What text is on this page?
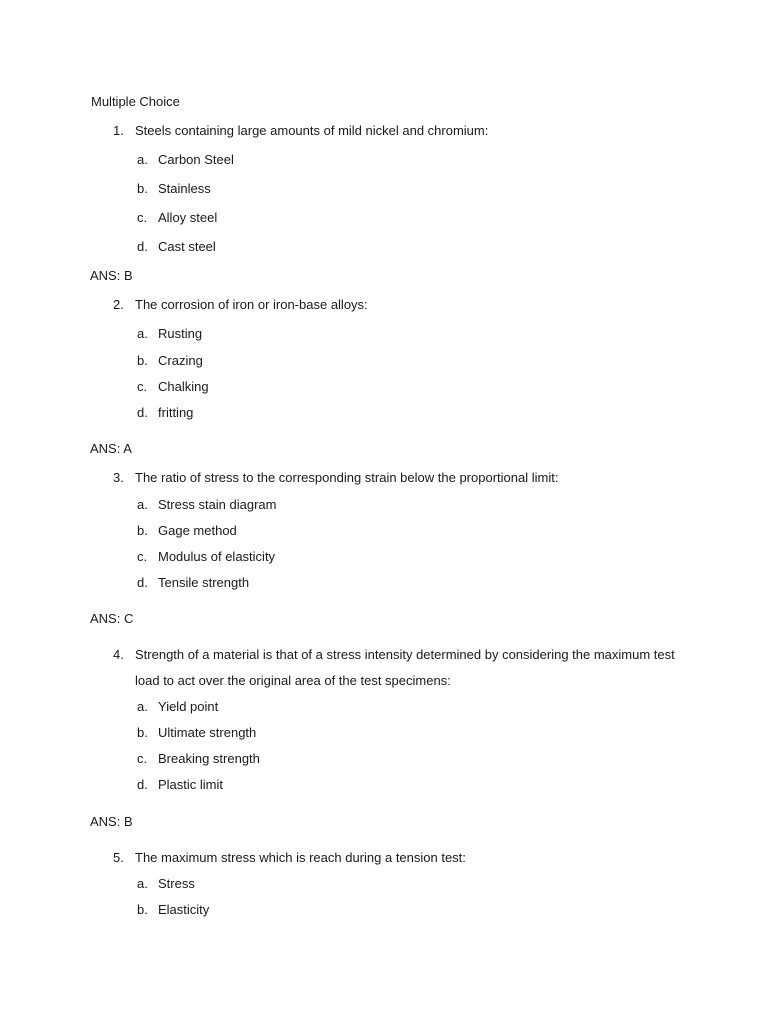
Multiple Choice
1. Steels containing large amounts of mild nickel and chromium:
a. Carbon Steel
b. Stainless
c. Alloy steel
d. Cast steel
ANS: B
2. The corrosion of iron or iron-base alloys:
a. Rusting
b. Crazing
c. Chalking
d. fritting
ANS: A
3. The ratio of stress to the corresponding strain below the proportional limit:
a. Stress stain diagram
b. Gage method
c. Modulus of elasticity
d. Tensile strength
ANS: C
4. Strength of a material is that of a stress intensity determined by considering the maximum test
load to act over the original area of the test specimens:
a. Yield point
b. Ultimate strength
c. Breaking strength
d. Plastic limit
ANS: B
5. The maximum stress which is reach during a tension test:
a. Stress
b. Elasticity
